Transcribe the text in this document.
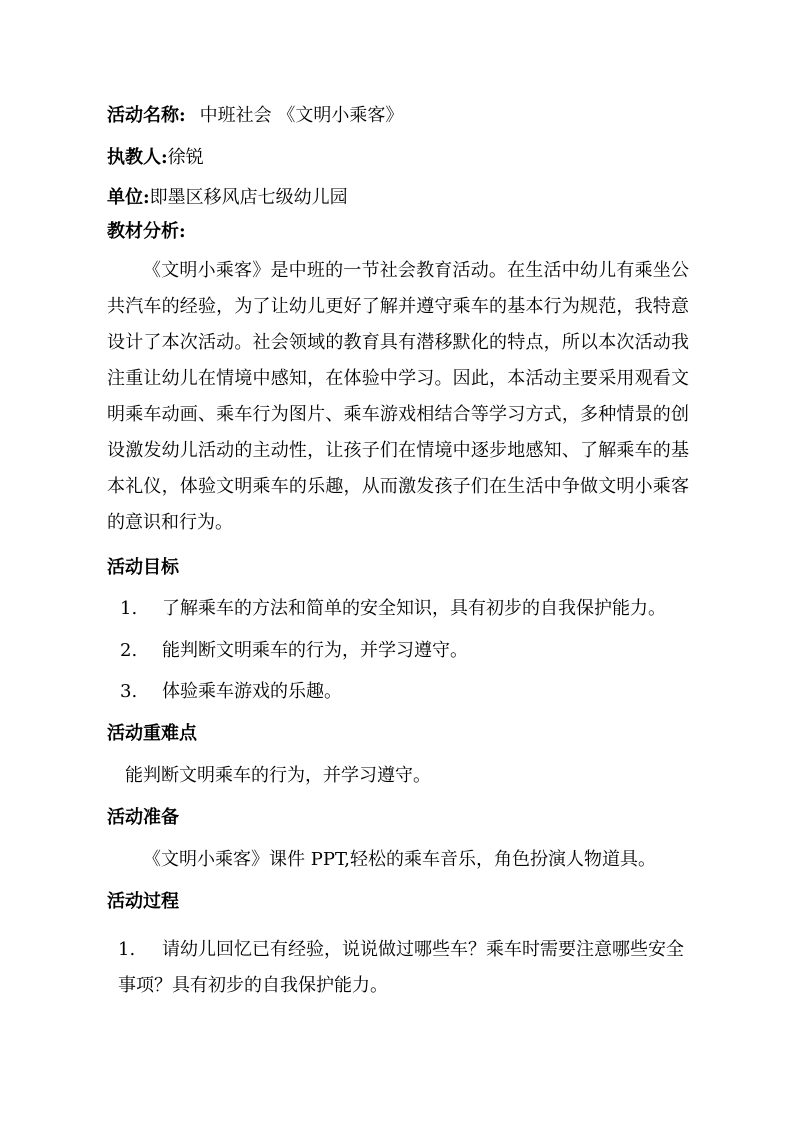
活动名称: 中班社会 《文明小乘客》
执教人:徐锐
单位:即墨区移风店七级幼儿园
教材分析:
《文明小乘客》是中班的一节社会教育活动。在生活中幼儿有乘坐公共汽车的经验，为了让幼儿更好了解并遵守乘车的基本行为规范，我特意设计了本次活动。社会领域的教育具有潜移默化的特点，所以本次活动我注重让幼儿在情境中感知，在体验中学习。因此，本活动主要采用观看文明乘车动画、乘车行为图片、乘车游戏相结合等学习方式，多种情景的创设激发幼儿活动的主动性，让孩子们在情境中逐步地感知、了解乘车的基本礼仪，体验文明乘车的乐趣，从而激发孩子们在生活中争做文明小乘客的意识和行为。
活动目标
1. 了解乘车的方法和简单的安全知识，具有初步的自我保护能力。
2. 能判断文明乘车的行为，并学习遵守。
3. 体验乘车游戏的乐趣。
活动重难点
能判断文明乘车的行为，并学习遵守。
活动准备
《文明小乘客》课件 PPT,轻松的乘车音乐，角色扮演人物道具。
活动过程
1. 请幼儿回忆已有经验，说说做过哪些车？乘车时需要注意哪些安全事项？具有初步的自我保护能力。
